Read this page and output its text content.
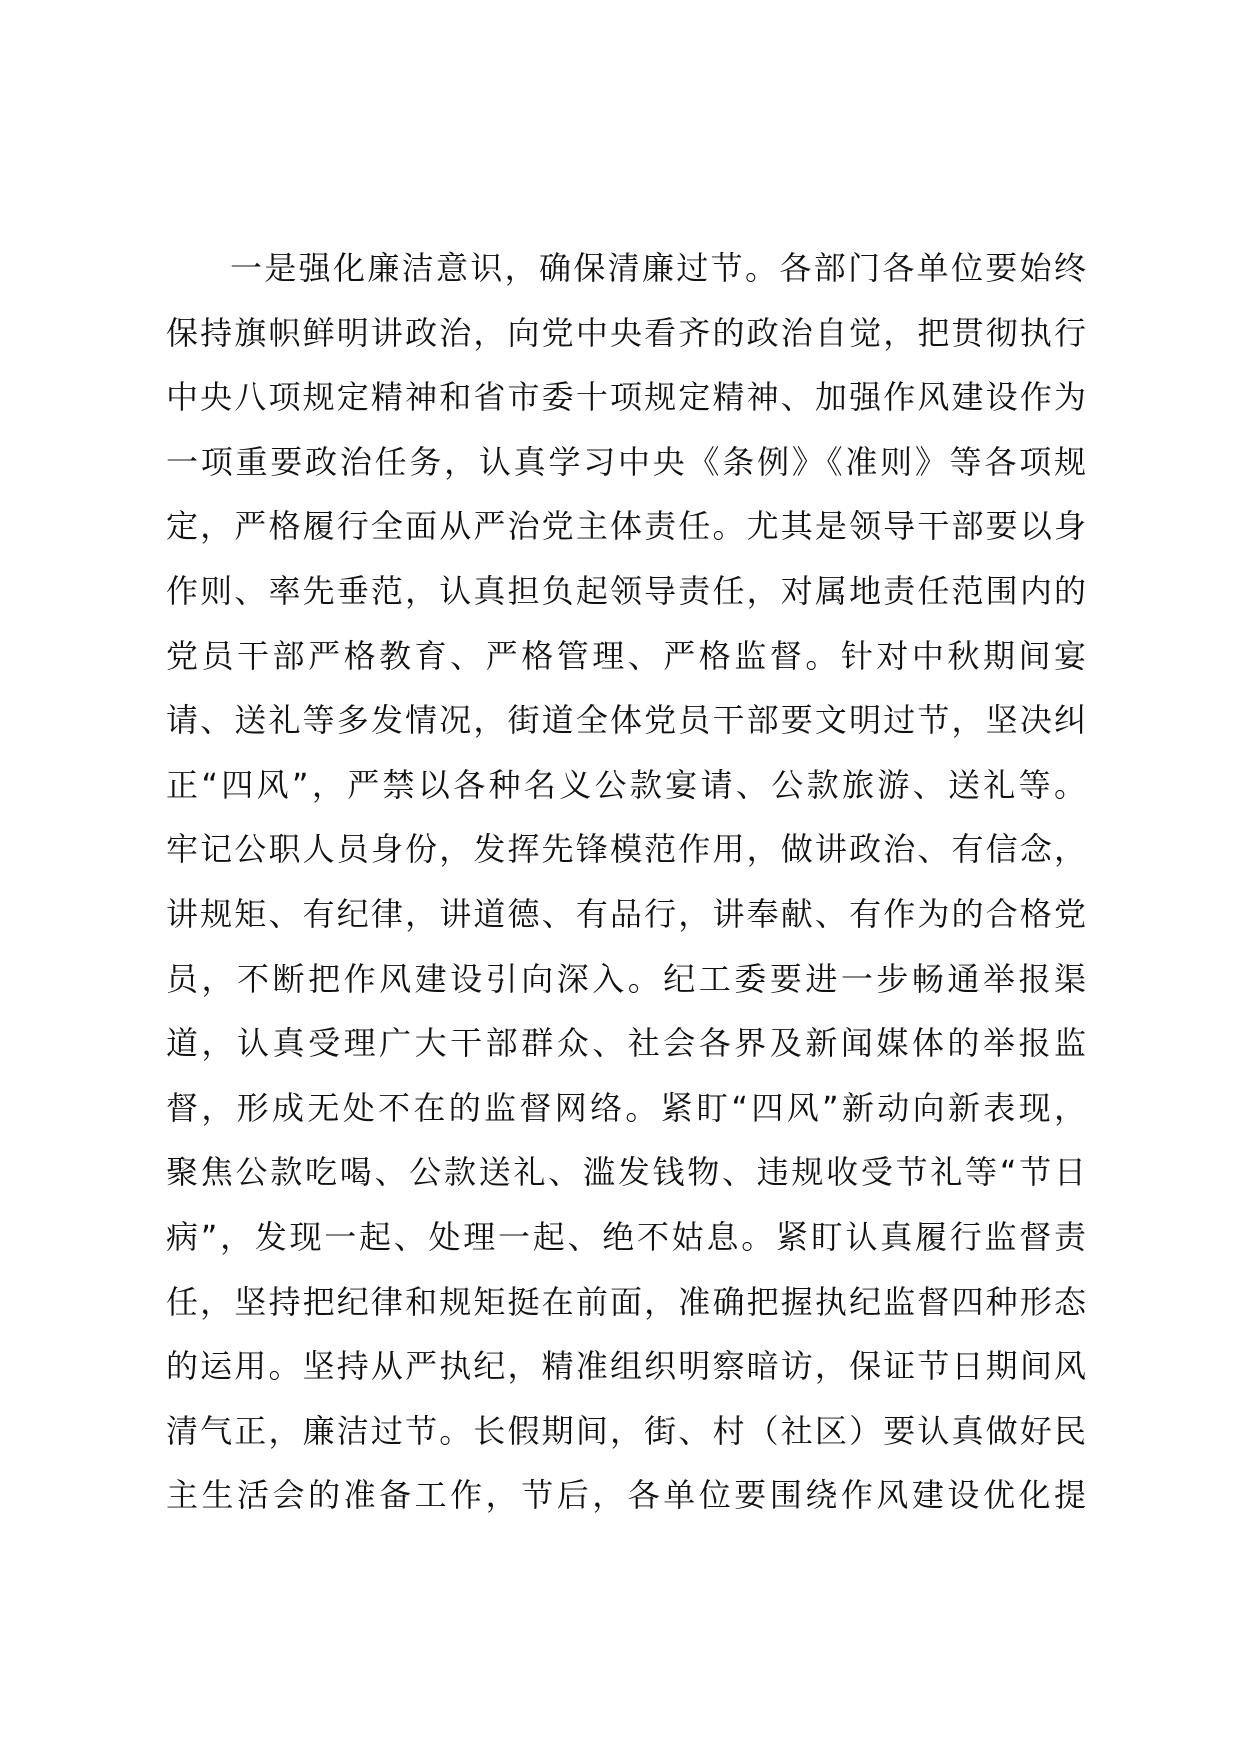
一是强化廉洁意识，确保清廉过节。各部门各单位要始终
保持旗帜鲜明讲政治，向党中央看齐的政治自觉，把贯彻执行
中央八项规定精神和省市委十项规定精神、加强作风建设作为
一项重要政治任务，认真学习中央《条例》《准则》等各项规
定，严格履行全面从严治党主体责任。尤其是领导干部要以身
作则、率先垂范，认真担负起领导责任，对属地责任范围内的
党员干部严格教育、严格管理、严格监督。针对中秋期间宴
请、送礼等多发情况，街道全体党员干部要文明过节，坚决纠
正“四风”，严禁以各种名义公款宴请、公款旅游、送礼等。
牢记公职人员身份，发挥先锋模范作用，做讲政治、有信念，
讲规矩、有纪律，讲道德、有品行，讲奉献、有作为的合格党
员，不断把作风建设引向深入。纪工委要进一步畅通举报渠
道，认真受理广大干部群众、社会各界及新闻媒体的举报监
督，形成无处不在的监督网络。紧盯“四风”新动向新表现，
聚焦公款吃喝、公款送礼、滥发钱物、违规收受节礼等“节日
病”，发现一起、处理一起、绝不姑息。紧盯认真履行监督责
任，坚持把纪律和规矩挺在前面，准确把握执纪监督四种形态
的运用。坚持从严执纪，精准组织明察暗访，保证节日期间风
清气正，廉洁过节。长假期间，街、村（社区）要认真做好民
主生活会的准备工作，节后，各单位要围绕作风建设优化提
